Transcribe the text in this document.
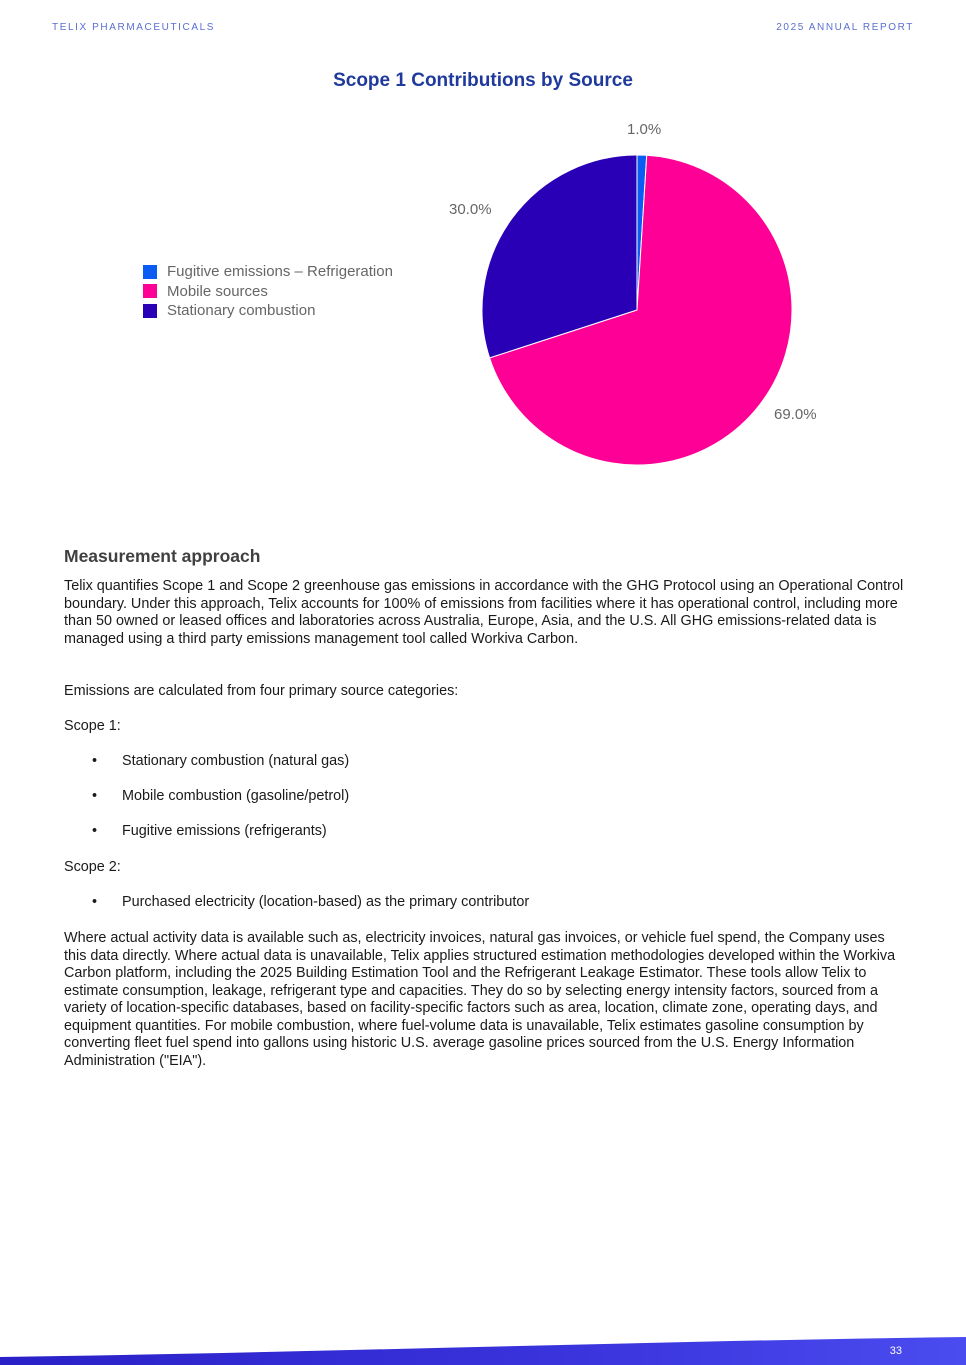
TELIX PHARMACEUTICALS	2025 ANNUAL REPORT
Scope 1 Contributions by Source
Fugitive emissions – Refrigeration
Mobile sources
Stationary combustion
1.0%
69.0%
30.0%
Measurement approach
Telix quantifies Scope 1 and Scope 2 greenhouse gas emissions in accordance with the GHG Protocol using an Operational Control boundary. Under this approach, Telix accounts for 100% of emissions from facilities where it has operational control, including more than 50 owned or leased offices and laboratories across Australia, Europe, Asia, and the U.S. All GHG emissions-related data is managed using a third party emissions management tool called Workiva Carbon.
Emissions are calculated from four primary source categories:
Scope 1:
• Stationary combustion (natural gas)
• Mobile combustion (gasoline/petrol)
• Fugitive emissions (refrigerants)
Scope 2:
• Purchased electricity (location-based) as the primary contributor
Where actual activity data is available such as, electricity invoices, natural gas invoices, or vehicle fuel spend, the Company uses this data directly. Where actual data is unavailable, Telix applies structured estimation methodologies developed within the Workiva Carbon platform, including the 2025 Building Estimation Tool and the Refrigerant Leakage Estimator. These tools allow Telix to estimate consumption, leakage, refrigerant type and capacities. They do so by selecting energy intensity factors, sourced from a variety of location-specific databases, based on facility-specific factors such as area, location, climate zone, operating days, and equipment quantities. For mobile combustion, where fuel-volume data is unavailable, Telix estimates gasoline consumption by converting fleet fuel spend into gallons using historic U.S. average gasoline prices sourced from the U.S. Energy Information Administration ("EIA").
33
